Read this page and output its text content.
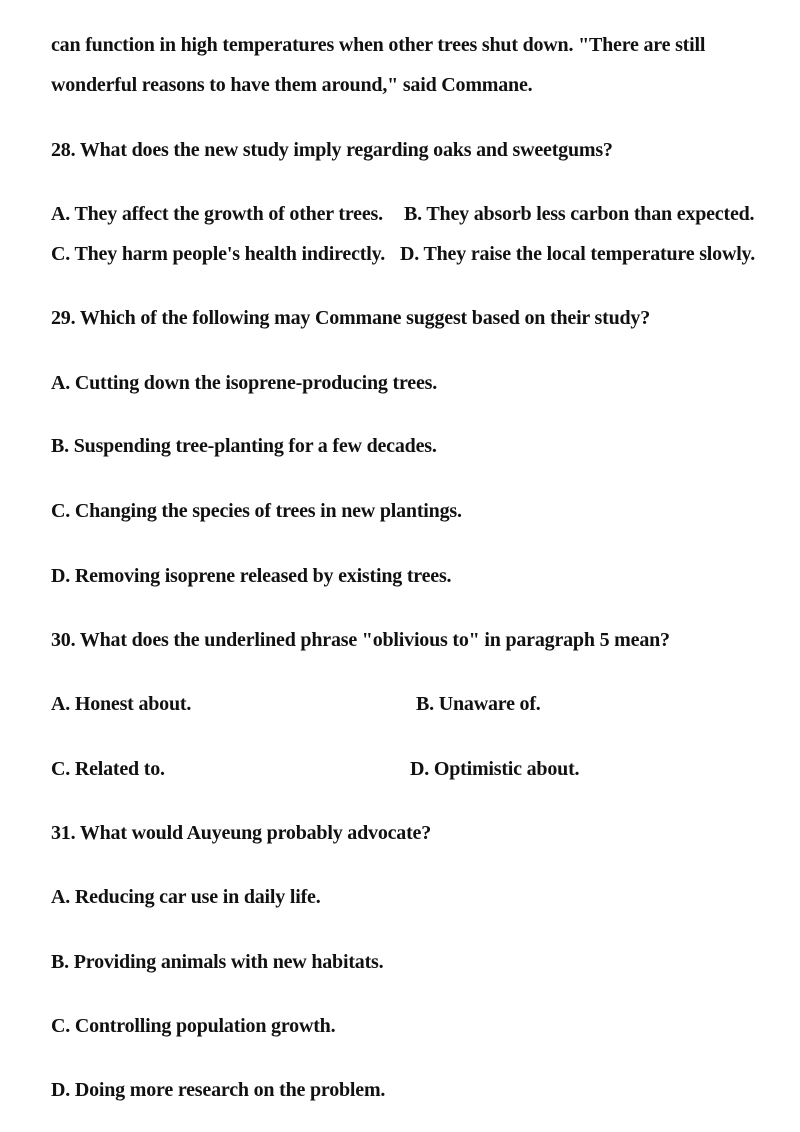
can function in high temperatures when other trees shut down. "There are still
wonderful reasons to have them around," said Commane.
28. What does the new study imply regarding oaks and sweetgums?
A. They affect the growth of other trees. B. They absorb less carbon than expected.
C. They harm people's health indirectly. D. They raise the local temperature slowly.
29. Which of the following may Commane suggest based on their study?
A. Cutting down the isoprene-producing trees.
B. Suspending tree-planting for a few decades.
C. Changing the species of trees in new plantings.
D. Removing isoprene released by existing trees.
30. What does the underlined phrase "oblivious to" in paragraph 5 mean?
A. Honest about.	B. Unaware of.
C. Related to.	D. Optimistic about.
31. What would Auyeung probably advocate?
A. Reducing car use in daily life.
B. Providing animals with new habitats.
C. Controlling population growth.
D. Doing more research on the problem.
